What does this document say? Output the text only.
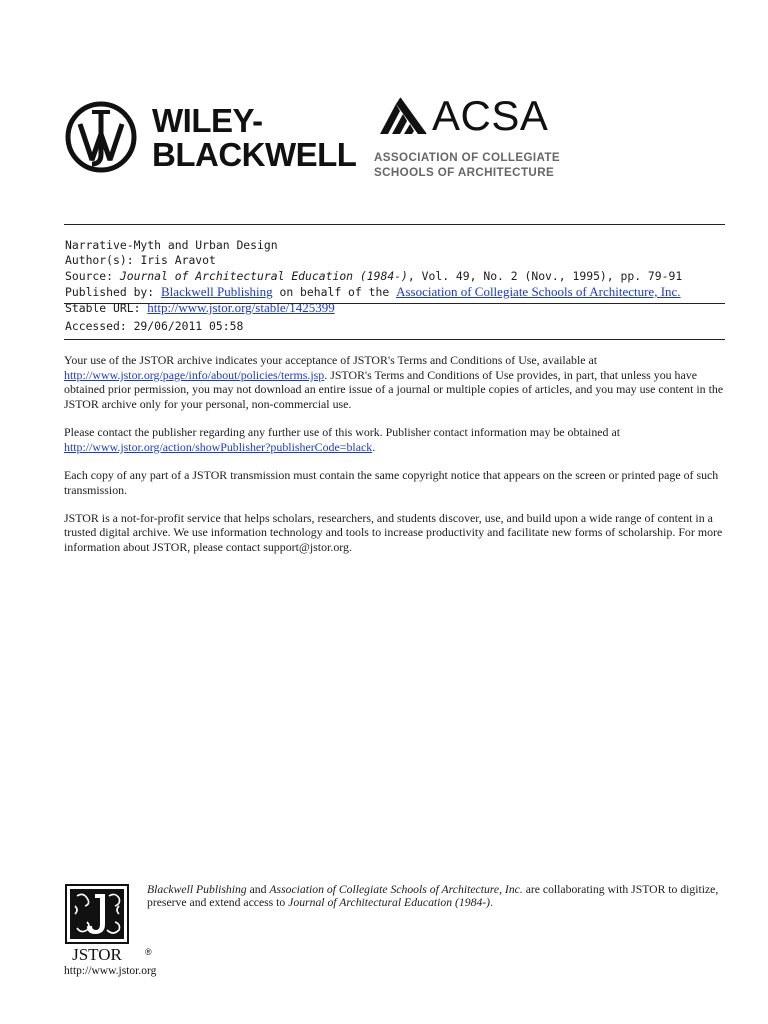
WILEY-
BLACKWELL
ACSA
ASSOCIATION OF COLLEGIATE
SCHOOLS OF ARCHITECTURE
Narrative-Myth and Urban Design
Author(s): Iris Aravot
Source: Journal of Architectural Education (1984-), Vol. 49, No. 2 (Nov., 1995), pp. 79-91
Published by: Blackwell Publishing on behalf of the Association of Collegiate Schools of Architecture, Inc.
Stable URL: http://www.jstor.org/stable/1425399
Accessed: 29/06/2011 05:58

Your use of the JSTOR archive indicates your acceptance of JSTOR's Terms and Conditions of Use, available at
http://www.jstor.org/page/info/about/policies/terms.jsp. JSTOR's Terms and Conditions of Use provides, in part, that unless you have obtained prior permission, you may not download an entire issue of a journal or multiple copies of articles, and you may use content in the JSTOR archive only for your personal, non-commercial use.

Please contact the publisher regarding any further use of this work. Publisher contact information may be obtained at
http://www.jstor.org/action/showPublisher?publisherCode=black.

Each copy of any part of a JSTOR transmission must contain the same copyright notice that appears on the screen or printed page of such transmission.

JSTOR is a not-for-profit service that helps scholars, researchers, and students discover, use, and build upon a wide range of content in a trusted digital archive. We use information technology and tools to increase productivity and facilitate new forms of scholarship. For more information about JSTOR, please contact support@jstor.org.

JSTOR	®
http://www.jstor.org
Blackwell Publishing and Association of Collegiate Schools of Architecture, Inc. are collaborating with JSTOR to digitize, preserve and extend access to Journal of Architectural Education (1984-).
